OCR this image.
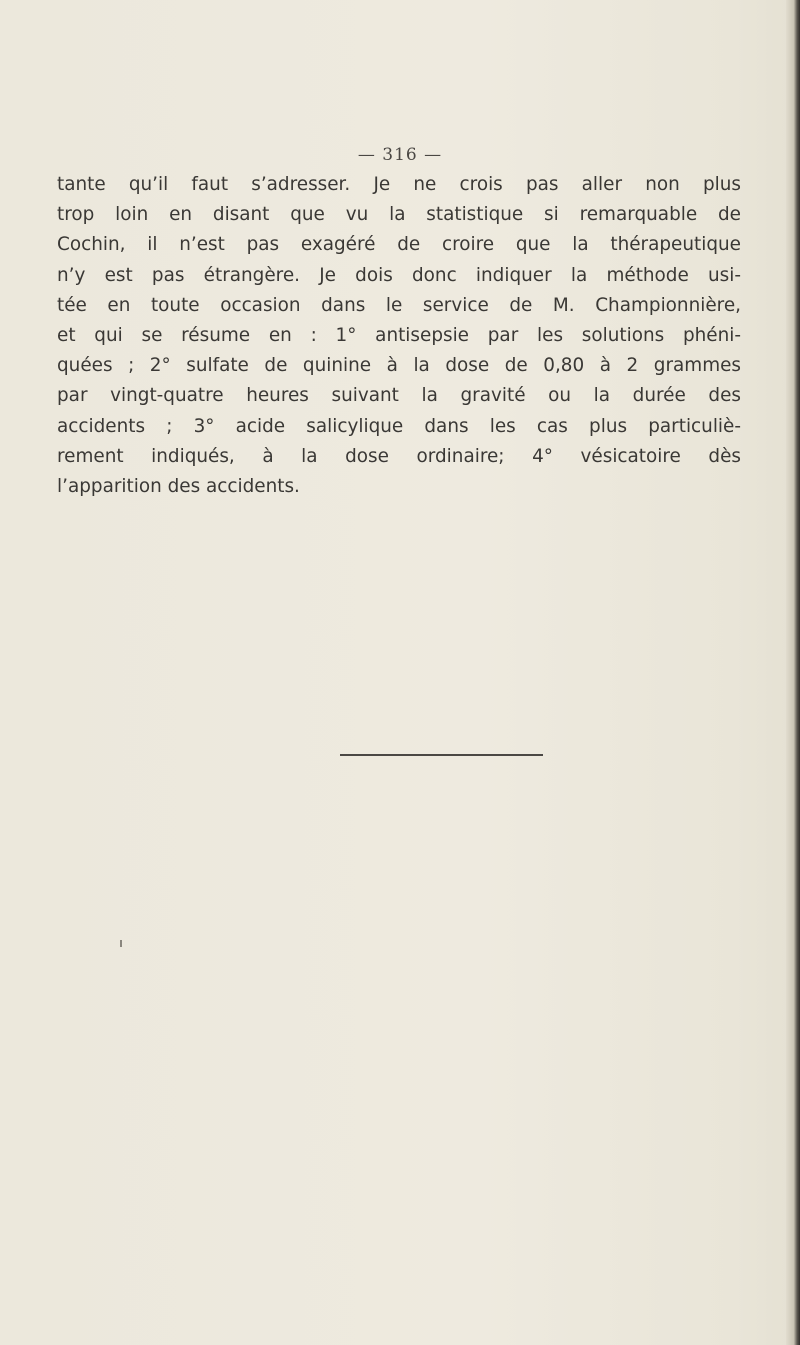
— 316 —
tante qu’il faut s’adresser. Je ne crois pas aller non plus
trop loin en disant que vu la statistique si remarquable de
Cochin, il n’est pas exagéré de croire que la thérapeutique
n’y est pas étrangère. Je dois donc indiquer la méthode usi-
tée en toute occasion dans le service de M. Championnière,
et qui se résume en : 1° antisepsie par les solutions phéni-
quées ; 2° sulfate de quinine à la dose de 0,80 à 2 grammes
par vingt-quatre heures suivant la gravité ou la durée des
accidents ; 3° acide salicylique dans les cas plus particuliè-
rement indiqués, à la dose ordinaire; 4° vésicatoire dès
l’apparition des accidents.
